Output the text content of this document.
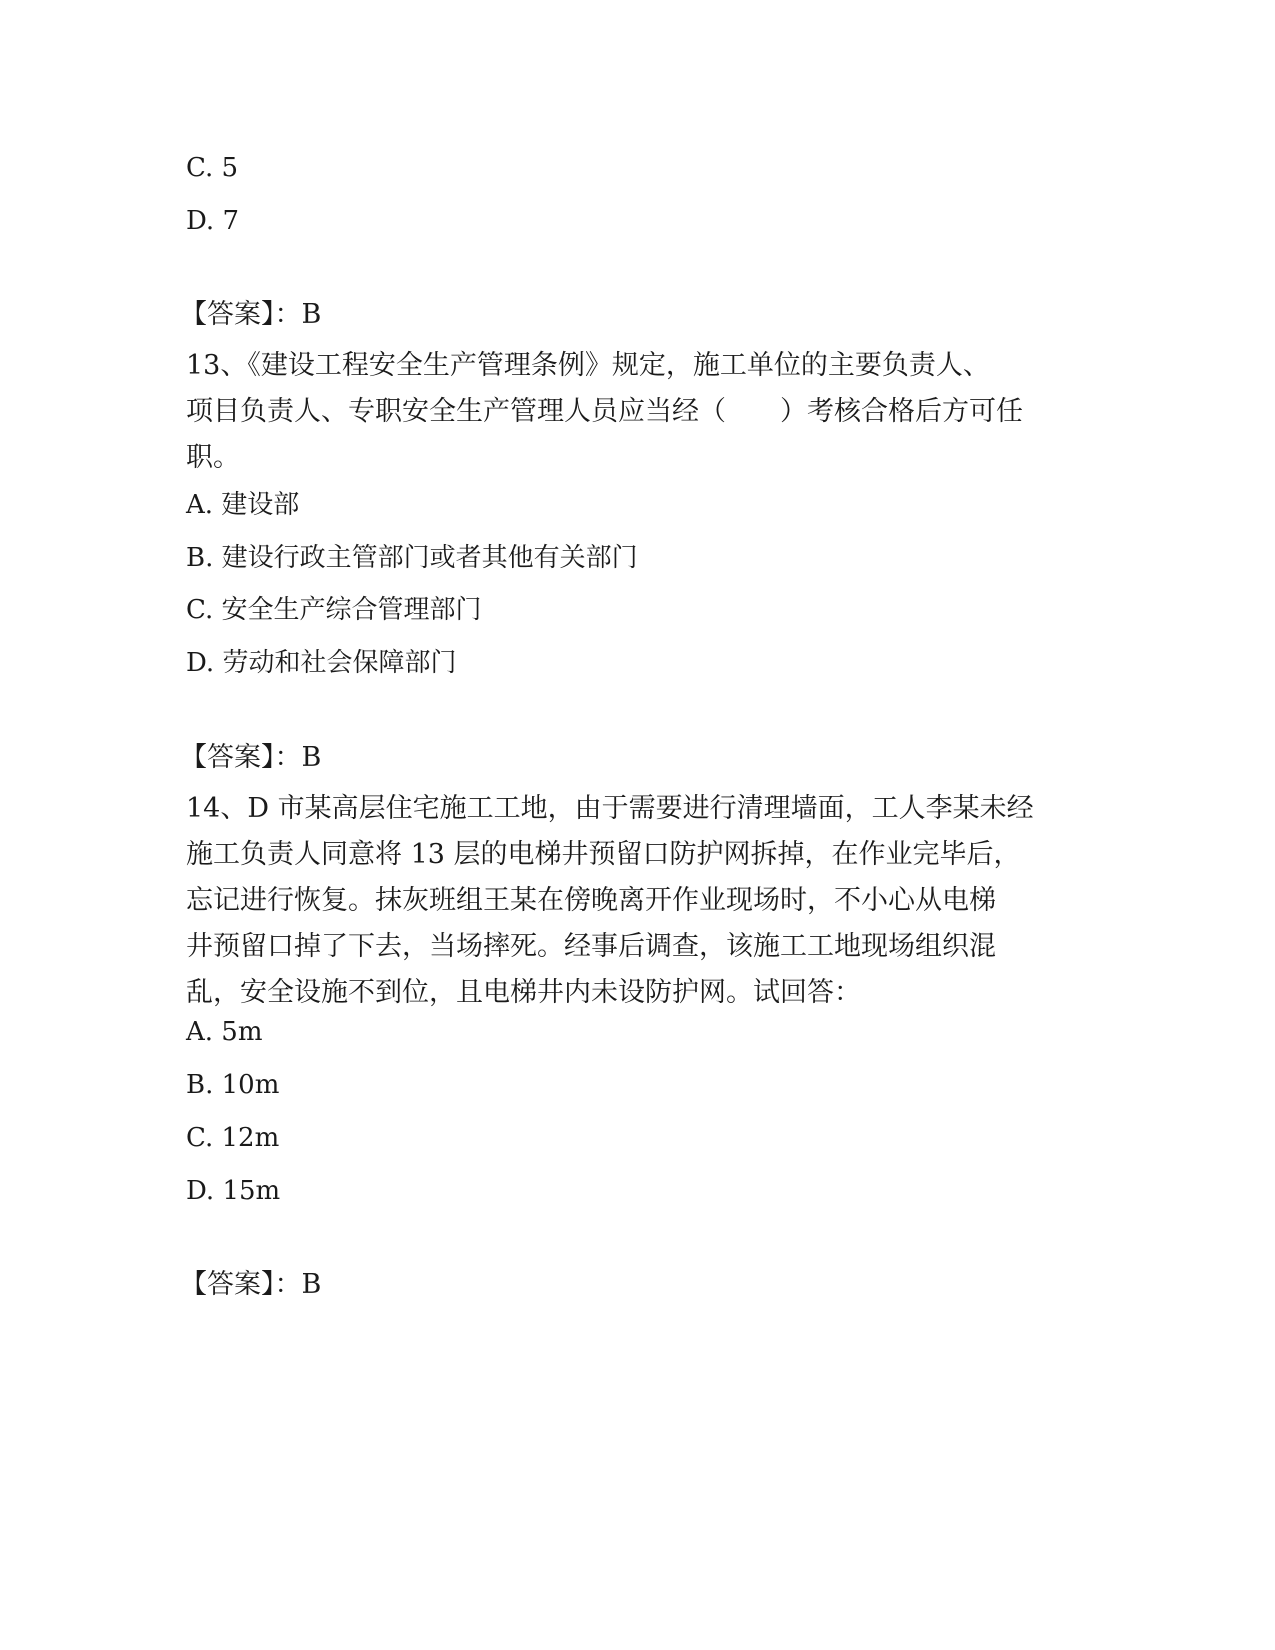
C. 5
D. 7
【答案】：B
13、《建设工程安全生产管理条例》规定，施工单位的主要负责人、
项目负责人、专职安全生产管理人员应当经（　　）考核合格后方可任
职。
A. 建设部
B. 建设行政主管部门或者其他有关部门
C. 安全生产综合管理部门
D. 劳动和社会保障部门
【答案】：B
14、D 市某高层住宅施工工地，由于需要进行清理墙面，工人李某未经
施工负责人同意将 13 层的电梯井预留口防护网拆掉，在作业完毕后，
忘记进行恢复。抹灰班组王某在傍晚离开作业现场时，不小心从电梯
井预留口掉了下去，当场摔死。经事后调查，该施工工地现场组织混
乱，安全设施不到位，且电梯井内未设防护网。试回答：
A. 5m
B. 10m
C. 12m
D. 15m
【答案】：B
